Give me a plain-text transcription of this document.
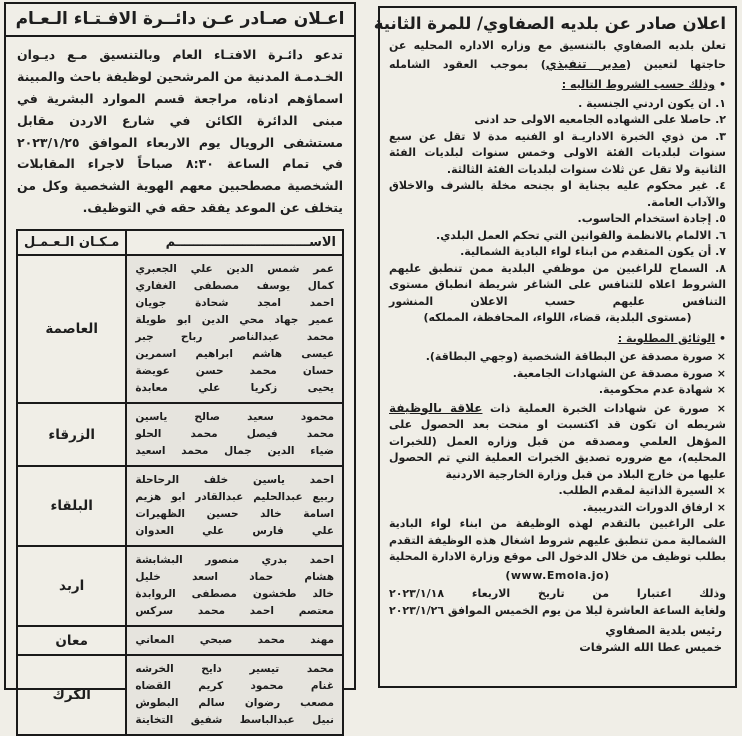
اعلان صادر عن بلديه الصفاوي/ للمرة الثانية

تعلن بلديه الصفاوي بالتنسيق مع وزاره الاداره المحليه عن حاجتها لتعيين (مدير تنفيذي) بموجب العقود الشامله

• وذلك حسب الشروط التاليه :

١. ان يكون اردني الجنسية .

٢. حاصلا على الشهاده الجامعيه الاولى حد ادنى

٣. من ذوي الخبرة الاداريـة او الفنيه مدة لا تقل عن سبع سنوات لبلديات الفئة الاولى وخمس سنوات لبلديات الفئة الثانية ولا تقل عن ثلاث سنوات لبلديات الفئة الثالثة.

٤. غير محكوم عليه بجناية او بجنحه مخلة بالشرف والاخلاق والآداب العامة.

٥. إجادة استخدام الحاسوب.

٦. الالمام بالانظمة والقوانين التي تحكم العمل البلدي.

٧. أن يكون المتقدم من ابناء لواء البادية الشمالية.

٨. السماح للراغبين من موظفي البلدية ممن تنطبق عليهم الشروط اعلاه للتنافس على الشاغر شريطة انطباق مستوى التنافس عليهم حسب الاعلان المنشور

(مستوى البلدية، قضاء، اللواء، المحافظة، المملكه)

• الوثائق المطلوبة :

× صورة مصدقة عن البطاقة الشخصية (وجهي البطاقة).

× صورة مصدقة عن الشهادات الجامعية.

× شهادة عدم محكومية.

× صورة عن شهادات الخبرة العملية ذات علاقة بالوظيفة شريطه ان تكون قد اكتسبت او منحت بعد الحصول على المؤهل العلمي ومصدقه من قبل وزاره العمل (للخبرات المحليه)، مع ضروره تصديق الخبرات العملية التي تم الحصول عليها من خارج البلاد من قبل وزارة الخارجية الاردنية

× السيرة الذاتية لمقدم الطلب.

× ارفاق الدورات التدريبية.

على الراغبين بالتقدم لهذه الوظيفة من ابناء لواء البادية الشمالية ممن تنطبق عليهم شروط اشغال هذه الوظيفة التقدم بطلب توظيف من خلال الدخول الى موقع وزارة الادارة المحلية

(www.Emola.jo)

وذلك اعتبارا من تاريخ الاربعاء ٢٠٢٣/١/١٨

ولغاية الساعة العاشرة ليلا من يوم الخميس الموافق ٢٠٢٣/١/٢٦

رئيس بلدية الصفاوي

خميس عطا الله الشرفات

اعـلان صـادر عـن دائــرة الافـتـاء الـعـام

تدعو دائـرة الافتـاء العام وبالتنسيق مـع ديـوان الخـدمـة المدنية من المرشحين لوظيفة باحث والمبينة اسماؤهم ادناه، مراجعة قسم الموارد البشرية في مبنى الدائرة الكائن في شارع الاردن مقابل مستشفى الرويال يوم الاربعاء الموافق ٢٠٢٣/١/٢٥ في تمام الساعة ٨:٣٠ صباحاً لاجراء المقابلات الشخصية مصطحبين معهم الهوية الشخصية وكل من يتخلف عن الموعد يفقد حقه في التوظيف.

الاســــــــــــــــــــــــــــــم	مـكـان الـعـمـل

عمر شمس الدين علي الجعبري
كمال يوسف مصطفى الغفاري
احمد امجد شحادة جويان
عمير جهاد محي الدين ابو طويلة
محمد عبدالناصر رباح جبر
عيسى هاشم ابراهيم اسمرين
حسان محمد حسن عويضة
يحيى زكريا علي معابدة
	العاصمة

محمود سعيد صالح ياسين
محمد فيصل محمد الحلو
ضياء الدين جمال محمد اسعيد	الزرقاء

احمد ياسين خلف الرحاحلة
ربيع عبدالحليم عبدالقادر ابو هزيم
اسامة خالد حسين الظهيرات
علي فارس علي العدوان	البلقاء

احمد بدري منصور البشابشة
هشام حماد اسعد خليل
خالد طخشون مصطفى الروابدة
معتصم احمد محمد سركس	اربد

مهند محمد صبحي المعاني	معان

محمد تيسير دايح الخرشه
غنام محمود كريم القضاه
مصعب رضوان سالم البطوش
نبيل عبدالباسط شفيق التخاينة	الكرك
